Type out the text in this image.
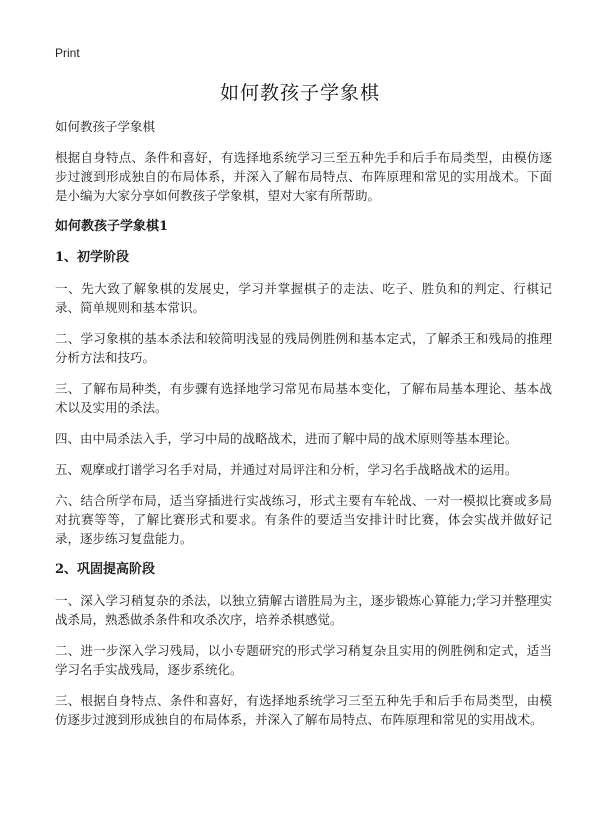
Print
如何教孩子学象棋
如何教孩子学象棋

根据自身特点、条件和喜好，有选择地系统学习三至五种先手和后手布局类型，由模仿逐步过渡到形成独自的布局体系，并深入了解布局特点、布阵原理和常见的实用战术。下面是小编为大家分享如何教孩子学象棋，望对大家有所帮助。

如何教孩子学象棋1
1、初学阶段

一、先大致了解象棋的发展史，学习并掌握棋子的走法、吃子、胜负和的判定、行棋记录、简单规则和基本常识。

二、学习象棋的基本杀法和较简明浅显的残局例胜例和基本定式，了解杀王和残局的推理分析方法和技巧。

三、了解布局种类，有步骤有选择地学习常见布局基本变化，了解布局基本理论、基本战术以及实用的杀法。

四、由中局杀法入手，学习中局的战略战术，进而了解中局的战术原则等基本理论。

五、观摩或打谱学习名手对局，并通过对局评注和分析，学习名手战略战术的运用。

六、结合所学布局，适当穿插进行实战练习，形式主要有车轮战、一对一模拟比赛或多局对抗赛等等，了解比赛形式和要求。有条件的要适当安排计时比赛，体会实战并做好记录，逐步练习复盘能力。

2、巩固提高阶段

一、深入学习稍复杂的杀法，以独立猜解古谱胜局为主，逐步锻炼心算能力;学习并整理实战杀局，熟悉做杀条件和攻杀次序，培养杀棋感觉。

二、进一步深入学习残局，以小专题研究的形式学习稍复杂且实用的例胜例和定式，适当学习名手实战残局，逐步系统化。

三、根据自身特点、条件和喜好，有选择地系统学习三至五种先手和后手布局类型，由模仿逐步过渡到形成独自的布局体系，并深入了解布局特点、布阵原理和常见的实用战术。
